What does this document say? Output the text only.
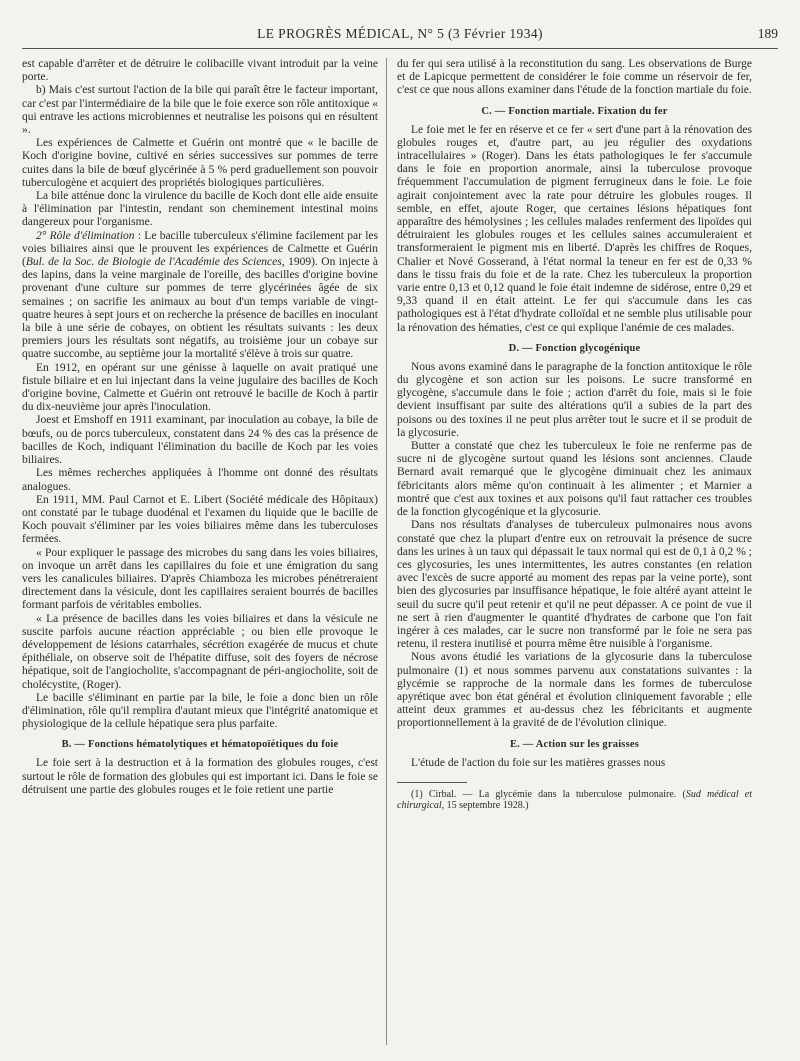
LE PROGRÈS MÉDICAL, N° 5 (3 Février 1934)	189

est capable d'arrêter et de détruire le colibacille vivant introduit par la veine porte.

b) Mais c'est surtout l'action de la bile qui paraît être le facteur important, car c'est par l'intermédiaire de la bile que le foie exerce son rôle antitoxique « qui entrave les actions microbiennes et neutralise les poisons qui en résultent ».

Les expériences de Calmette et Guérin ont montré que « le bacille de Koch d'origine bovine, cultivé en séries successives sur pommes de terre cuites dans la bile de bœuf glycérinée à 5 % perd graduellement son pouvoir tuberculogène et acquiert des propriétés biologiques particulières.

La bile atténue donc la virulence du bacille de Koch dont elle aide ensuite à l'élimination par l'intestin, rendant son cheminement intestinal moins dangereux pour l'organisme.

2° Rôle d'élimination : Le bacille tuberculeux s'élimine facilement par les voies biliaires ainsi que le prouvent les expériences de Calmette et Guérin (Bul. de la Soc. de Biologie de l'Académie des Sciences, 1909). On injecte à des lapins, dans la veine marginale de l'oreille, des bacilles d'origine bovine provenant d'une culture sur pommes de terre glycérinées âgée de six semaines ; on sacrifie les animaux au bout d'un temps variable de vingt-quatre heures à sept jours et on recherche la présence de bacilles en inoculant la bile à une série de cobayes, on obtient les résultats suivants : les deux premiers jours les résultats sont négatifs, au troisième jour un cobaye sur quatre succombe, au septième jour la mortalité s'élève à trois sur quatre.

En 1912, en opérant sur une génisse à laquelle on avait pratiqué une fistule biliaire et en lui injectant dans la veine jugulaire des bacilles de Koch d'origine bovine, Calmette et Guérin ont retrouvé le bacille de Koch à partir du dix-neuvième jour après l'inoculation.

Joest et Emshoff en 1911 examinant, par inoculation au cobaye, la bile de bœufs, ou de porcs tuberculeux, constatent dans 24 % des cas la présence de bacilles de Koch, indiquant l'élimination du bacille de Koch par les voies biliaires.

Les mêmes recherches appliquées à l'homme ont donné des résultats analogues.

En 1911, MM. Paul Carnot et E. Libert (Société médicale des Hôpitaux) ont constaté par le tubage duodénal et l'examen du liquide que le bacille de Koch pouvait s'éliminer par les voies biliaires même dans les tuberculoses fermées.

« Pour expliquer le passage des microbes du sang dans les voies biliaires, on invoque un arrêt dans les capillaires du foie et une émigration du sang vers les canalicules biliaires. D'après Chiamboza les microbes pénétreraient directement dans la vésicule, dont les capillaires seraient bourrés de bacilles formant parfois de véritables embolies.

« La présence de bacilles dans les voies biliaires et dans la vésicule ne suscite parfois aucune réaction appréciable ; ou bien elle provoque le développement de lésions catarrhales, sécrétion exagérée de mucus et chute épithéliale, on observe soit de l'hépatite diffuse, soit des foyers de nécrose hépatique, soit de l'angiocholite, s'accompagnant de péri-angiocholite, soit de cholécystite, (Roger).

Le bacille s'éliminant en partie par la bile, le foie a donc bien un rôle d'élimination, rôle qu'il remplira d'autant mieux que l'intégrité anatomique et physiologique de la cellule hépatique sera plus parfaite.

B. — Fonctions hématolytiques et hématopoïétiques du foie

Le foie sert à la destruction et à la formation des globules rouges, c'est surtout le rôle de formation des globules qui est important ici. Dans le foie se détruisent une partie des globules rouges et le foie retient une partie

du fer qui sera utilisé à la reconstitution du sang. Les observations de Burge et de Lapicque permettent de considérer le foie comme un réservoir de fer, c'est ce que nous allons examiner dans l'étude de la fonction martiale du foie.

C. — Fonction martiale. Fixation du fer

Le foie met le fer en réserve et ce fer « sert d'une part à la rénovation des globules rouges et, d'autre part, au jeu régulier des oxydations intracellulaires » (Roger). Dans les états pathologiques le fer s'accumule dans le foie en proportion anormale, ainsi la tuberculose provoque fréquemment l'accumulation de pigment ferrugineux dans le foie. Le foie agirait conjointement avec la rate pour détruire les globules rouges. Il semble, en effet, ajoute Roger, que certaines lésions hépatiques font apparaître des hémolysines ; les cellules malades renferment des lipoïdes qui détruiraient les globules rouges et les cellules saines accumuleraient et transformeraient le pigment mis en liberté. D'après les chiffres de Roques, Chalier et Nové Gosserand, à l'état normal la teneur en fer est de 0,33 % dans le tissu frais du foie et de la rate. Chez les tuberculeux la proportion varie entre 0,13 et 0,12 quand le foie était indemne de sidérose, entre 0,29 et 9,33 quand il en était atteint. Le fer qui s'accumule dans les cas pathologiques est à l'état d'hydrate colloïdal et ne semble plus utilisable pour la rénovation des hématies, c'est ce qui explique l'anémie de ces malades.

D. — Fonction glycogénique

Nous avons examiné dans le paragraphe de la fonction antitoxique le rôle du glycogène et son action sur les poisons. Le sucre transformé en glycogène, s'accumule dans le foie ; action d'arrêt du foie, mais si le foie devient insuffisant par suite des altérations qu'il a subies de la part des poisons ou des toxines il ne peut plus arrêter tout le sucre et il se produit de la glycosurie.

Butter a constaté que chez les tuberculeux le foie ne renferme pas de sucre ni de glycogène surtout quand les lésions sont anciennes. Claude Bernard avait remarqué que le glycogène diminuait chez les animaux fébricitants alors même qu'on continuait à les alimenter ; et Marnier a montré que c'est aux toxines et aux poisons qu'il faut rattacher ces troubles de la fonction glycogénique et la glycosurie.

Dans nos résultats d'analyses de tuberculeux pulmonaires nous avons constaté que chez la plupart d'entre eux on retrouvait la présence de sucre dans les urines à un taux qui dépassait le taux normal qui est de 0,1 à 0,2 % ; ces glycosuries, les unes intermittentes, les autres constantes (en relation avec l'excès de sucre apporté au moment des repas par la veine porte), sont bien des glycosuries par insuffisance hépatique, le foie altéré ayant atteint le seuil du sucre qu'il peut retenir et qu'il ne peut dépasser. A ce point de vue il ne sert à rien d'augmenter le quantité d'hydrates de carbone que l'on fait ingérer à ces malades, car le sucre non transformé par le foie ne sera pas retenu, il restera inutilisé et pourra même être nuisible à l'organisme.

Nous avons étudié les variations de la glycosurie dans la tuberculose pulmonaire (1) et nous sommes parvenu aux constatations suivantes : la glycémie se rapproche de la normale dans les formes de tuberculose apyrétique avec bon état général et évolution cliniquement favorable ; elle atteint deux grammes et au-dessus chez les fébricitants et augmente proportionnellement à la gravité de de l'évolution clinique.

E. — Action sur les graisses

L'étude de l'action du foie sur les matières grasses nous

(1) Cirbal. — La glycémie dans la tuberculose pulmonaire. (Sud médical et chirurgical, 15 septembre 1928.)
